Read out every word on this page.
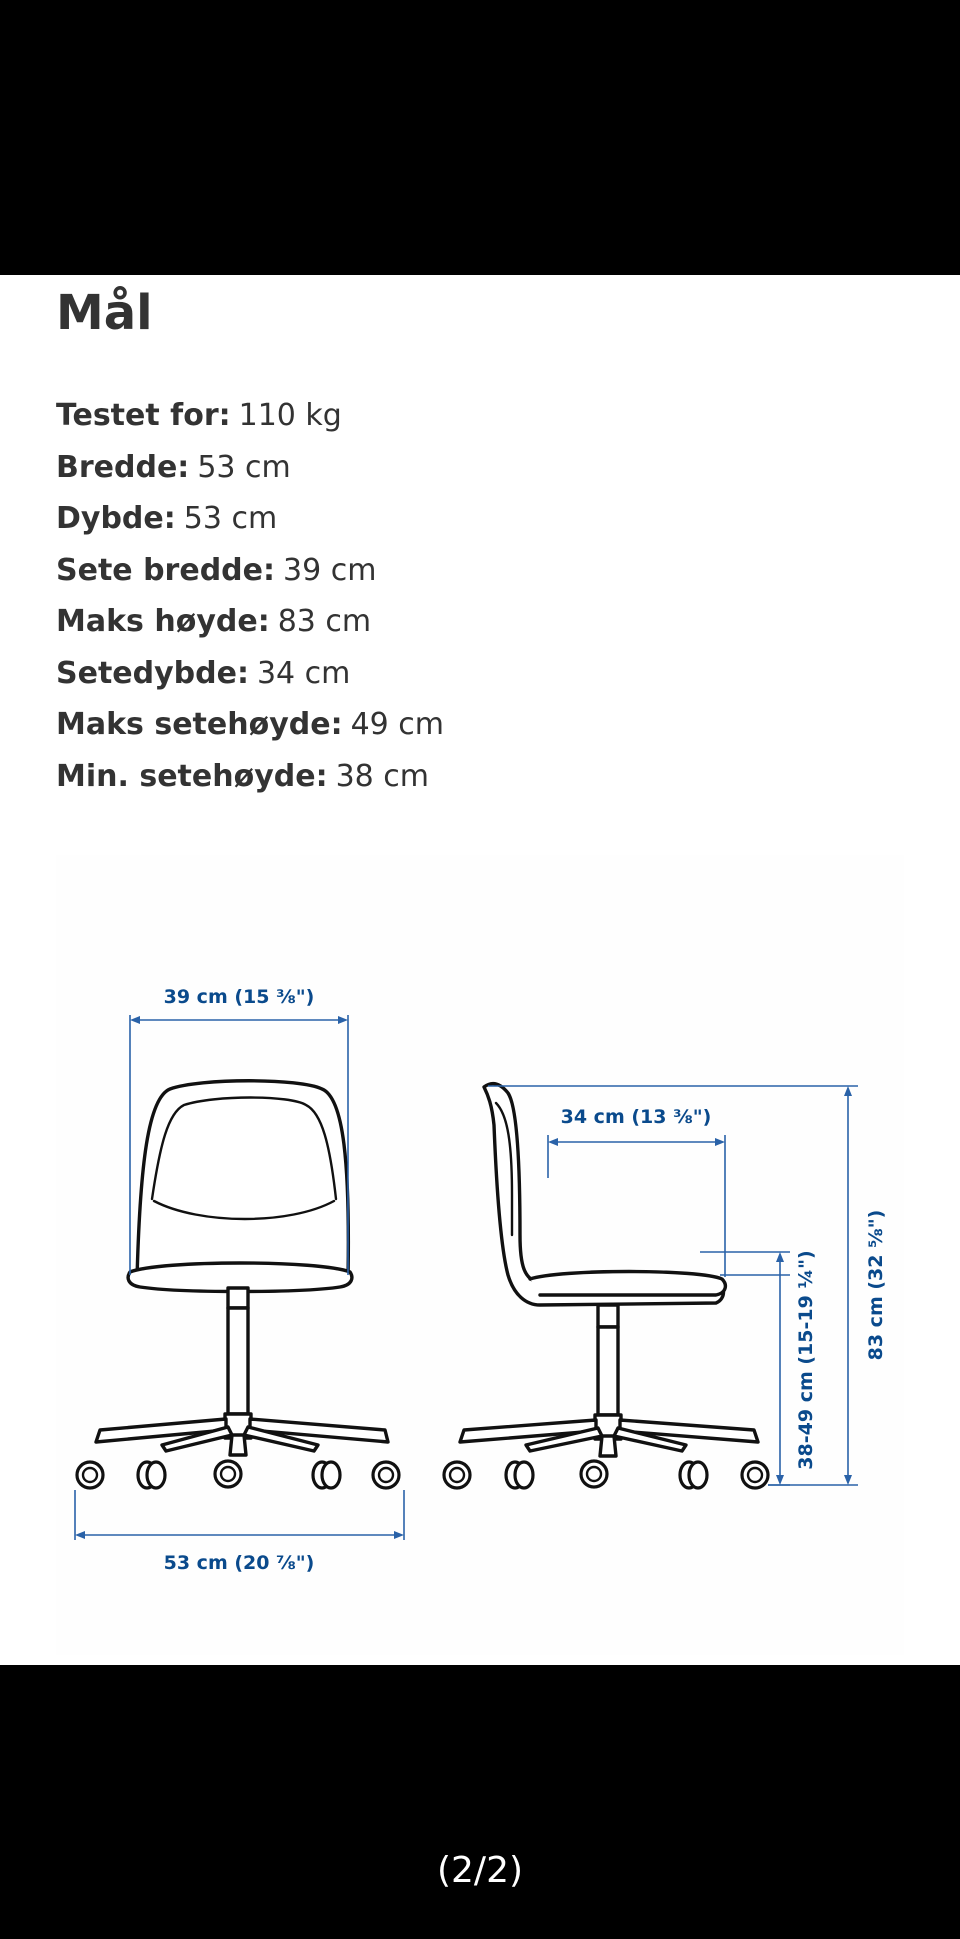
Mål
Testet for: 110 kg
Bredde: 53 cm
Dybde: 53 cm
Sete bredde: 39 cm
Maks høyde: 83 cm
Setedybde: 34 cm
Maks setehøyde: 49 cm
Min. setehøyde: 38 cm
39 cm (15 ⅜")
53 cm (20 ⅞")
34 cm (13 ⅜")
38-49 cm (15-19 ¼")	83 cm (32 ⅝")
(2/2)
